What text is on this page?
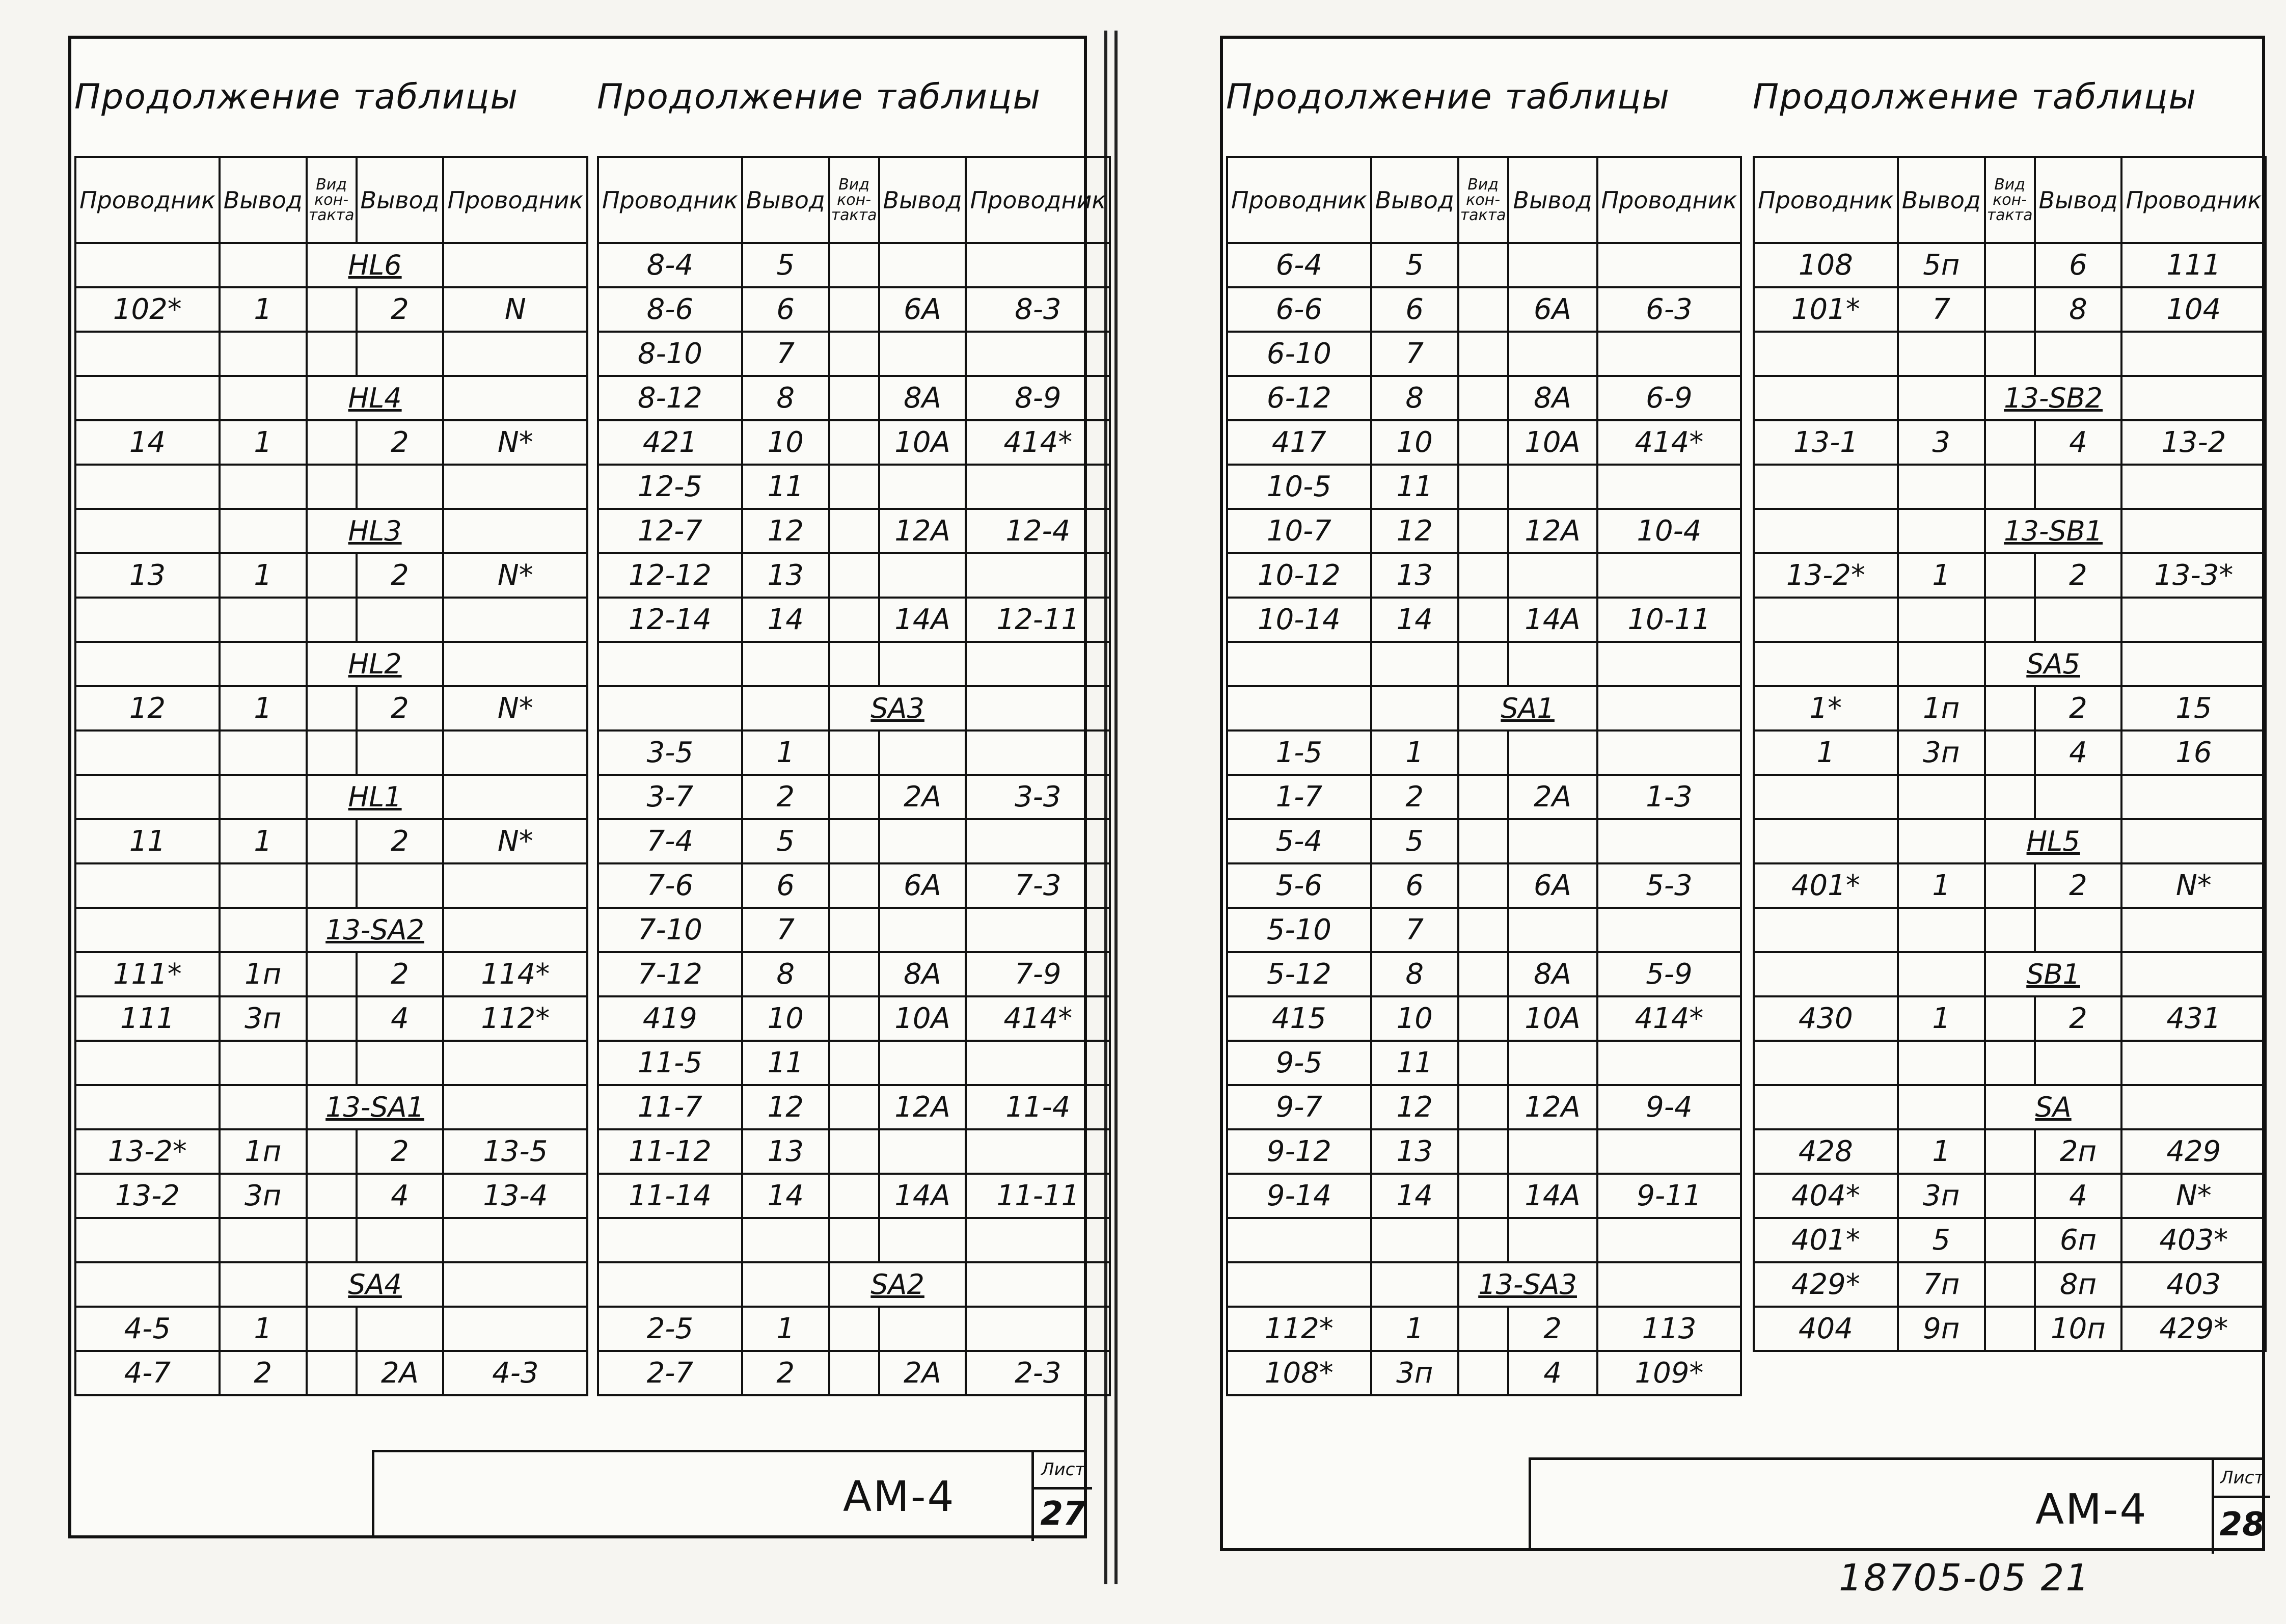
Продолжение таблицы
Проводник	Вывод	Вид кон-такта	Вывод	Проводник
		HL6		
102*	1		2	N

		HL4		
14	1		2	N*

		HL3		
13	1		2	N*

		HL2		
12	1		2	N*

		HL1		
11	1		2	N*

		13-SA2		
111*	1п		2	114*
111	3п		4	112*

		13-SA1		
13-2*	1п		2	13-5
13-2	3п		4	13-4

		SA4		
4-5	1			
4-7	2		2А	4-3
Продолжение таблицы
Проводник	Вывод	Вид кон-такта	Вывод	Проводник
8-4	5			
8-6	6		6А	8-3
8-10	7			
8-12	8		8А	8-9
421	10		10А	414*
12-5	11			
12-7	12		12А	12-4
12-12	13			
12-14	14		14А	12-11

		SA3		
3-5	1			
3-7	2		2А	3-3
7-4	5			
7-6	6		6А	7-3
7-10	7			
7-12	8		8А	7-9
419	10		10А	414*
11-5	11			
11-7	12		12А	11-4
11-12	13			
11-14	14		14А	11-11

		SA2		
2-5	1			
2-7	2		2А	2-3
АМ-4
Лист
27
Продолжение таблицы
Проводник	Вывод	Вид кон-такта	Вывод	Проводник
6-4	5			
6-6	6		6А	6-3
6-10	7			
6-12	8		8А	6-9
417	10		10А	414*
10-5	11			
10-7	12		12А	10-4
10-12	13			
10-14	14		14А	10-11

		SA1		
1-5	1			
1-7	2		2А	1-3
5-4	5			
5-6	6		6А	5-3
5-10	7			
5-12	8		8А	5-9
415	10		10А	414*
9-5	11			
9-7	12		12А	9-4
9-12	13			
9-14	14		14А	9-11

		13-SA3		
112*	1		2	113
108*	3п		4	109*
Продолжение таблицы
Проводник	Вывод	Вид кон-такта	Вывод	Проводник
108	5п		6	111
101*	7		8	104

		13-SB2		
13-1	3		4	13-2

		13-SB1		
13-2*	1		2	13-3*

		SA5		
1*	1п		2	15
1	3п		4	16

		HL5		
401*	1		2	N*

		SB1		
430	1		2	431

		SA		
428	1		2п	429
404*	3п		4	N*
401*	5		6п	403*
429*	7п		8п	403
404	9п		10п	429*
АМ-4
Лист
28
18705-05 21
